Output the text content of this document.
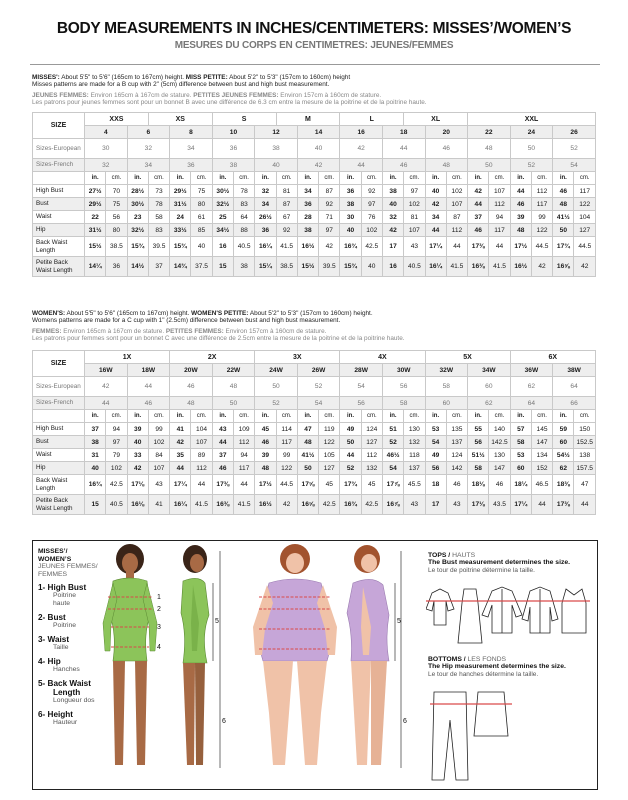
BODY MEASUREMENTS IN INCHES/CENTIMETERS: MISSES’/WOMEN’S
MESURES DU CORPS EN CENTIMETRES: JEUNES/FEMMES
MISSES': About 5'5" to 5'6" (165cm to 167cm) height. MISS PETITE: About 5'2" to 5'3" (157cm to 160cm) height
Misses patterns are made for a B cup with 2" (5cm) difference between bust and high bust measurement.
JEUNES FEMMES: Environ 165cm à 167cm de stature. PETITES JEUNES FEMMES: Environ 157cm à 160cm de stature.
Les patrons pour jeunes femmes sont pour un bonnet B avec une différence de 6.3 cm entre la mesure de la poitrine et de la poitrine haute.
SIZE	XXS			XS			S			M			L			XL			XXL					
	4		6		8		10		12		14		16		18		20		22		24		26	
Sizes-European	30		32		34		36		38		40		42		44		46		48		50		52	
Sizes-French	32		34		36		38		40		42		44		46		48		50		52		54	
	in.	cm.	in.	cm.	in.	cm.	in.	cm.	in.	cm.	in.	cm.	in.	cm.	in.	cm.	in.	cm.	in.	cm.	in.	cm.	in.	cm.
High Bust	27½	70	28½	73	29½	75	30½	78	32	81	34	87	36	92	38	97	40	102	42	107	44	112	46	117
Bust	29½	75	30½	78	31½	80	32½	83	34	87	36	92	38	97	40	102	42	107	44	112	46	117	48	122
Waist	22	56	23	58	24	61	25	64	26½	67	28	71	30	76	32	81	34	87	37	94	39	99	41½	104
Hip	31½	80	32½	83	33½	85	34½	88	36	92	38	97	40	102	42	107	44	112	46	117	48	122	50	127
Back Waist Length	15½	38.5	15¾	39.5	15¾	40	16	40.5	16¼	41.5	16½	42	16¾	42.5	17	43	17¼	44	17⅜	44	17½	44.5	17¾	44.5
Petite Back Waist Length	14¼	36	14½	37	14¾	37.5	15	38	15¼	38.5	15½	39.5	15¾	40	16	40.5	16¼	41.5	16⅜	41.5	16½	42	16⅝	42
WOMEN'S: About 5'5" to 5'6" (165cm to 167cm) height. WOMEN'S PETITE: About 5'2" to 5'3" (157cm to 160cm) height.
Womens patterns are made for a C cup with 1" (2.5cm) difference between bust and high bust measurement.
FEMMES: Environ 165cm à 167cm de stature. PETITES FEMMES: Environ 157cm à 160cm de stature.
Les patrons pour femmes sont pour un bonnet C avec une différence de 2.5cm entre la mesure de la poitrine et de la poitrine haute.
SIZE	1X				2X				3X				4X				5X				6X			
	16W		18W		20W		22W		24W		26W		28W		30W		32W		34W		36W		38W	
Sizes-European	42		44		46		48		50		52		54		56		58		60		62		64	
Sizes-French	44		46		48		50		52		54		56		58		60		62		64		66	
	in.	cm.	in.	cm.	in.	cm.	in.	cm.	in.	cm.	in.	cm.	in.	cm.	in.	cm.	in.	cm.	in.	cm.	in.	cm.	in.	cm.
High Bust	37	94	39	99	41	104	43	109	45	114	47	119	49	124	51	130	53	135	55	140	57	145	59	150
Bust	38	97	40	102	42	107	44	112	46	117	48	122	50	127	52	132	54	137	56	142.5	58	147	60	152.5
Waist	31	79	33	84	35	89	37	94	39	99	41½	105	44	112	46½	118	49	124	51½	130	53	134	54½	138
Hip	40	102	42	107	44	112	46	117	48	122	50	127	52	132	54	137	56	142	58	147	60	152	62	157.5
Back Waist Length	16¾	42.5	17⅛	43	17¼	44	17⅜	44	17½	44.5	17⅝	45	17¾	45	17⅞	45.5	18	46	18⅛	46	18¼	46.5	18⅜	47
Petite Back Waist Length	15	40.5	16⅛	41	16¼	41.5	16⅜	41.5	16½	42	16⅝	42.5	16¾	42.5	16⅞	43	17	43	17⅛	43.5	17¼	44	17⅜	44
MISSES’/
WOMEN’S
JEUNES FEMMES/
FEMMES
1- High Bust
Poitrine
haute
2- Bust
Poitrine
3- Waist
Taille
4- Hip
Hanches
5- Back Waist
Length
Longueur dos
6- Height
Hauteur
1
2
3
4
5
6
5
6
TOPS / HAUTS
The Bust measurement determines the size.
Le tour de poitrine détermine la taille.
BOTTOMS / LES FONDS
The Hip measurement determines the size.
Le tour de hanches détermine la taille.
